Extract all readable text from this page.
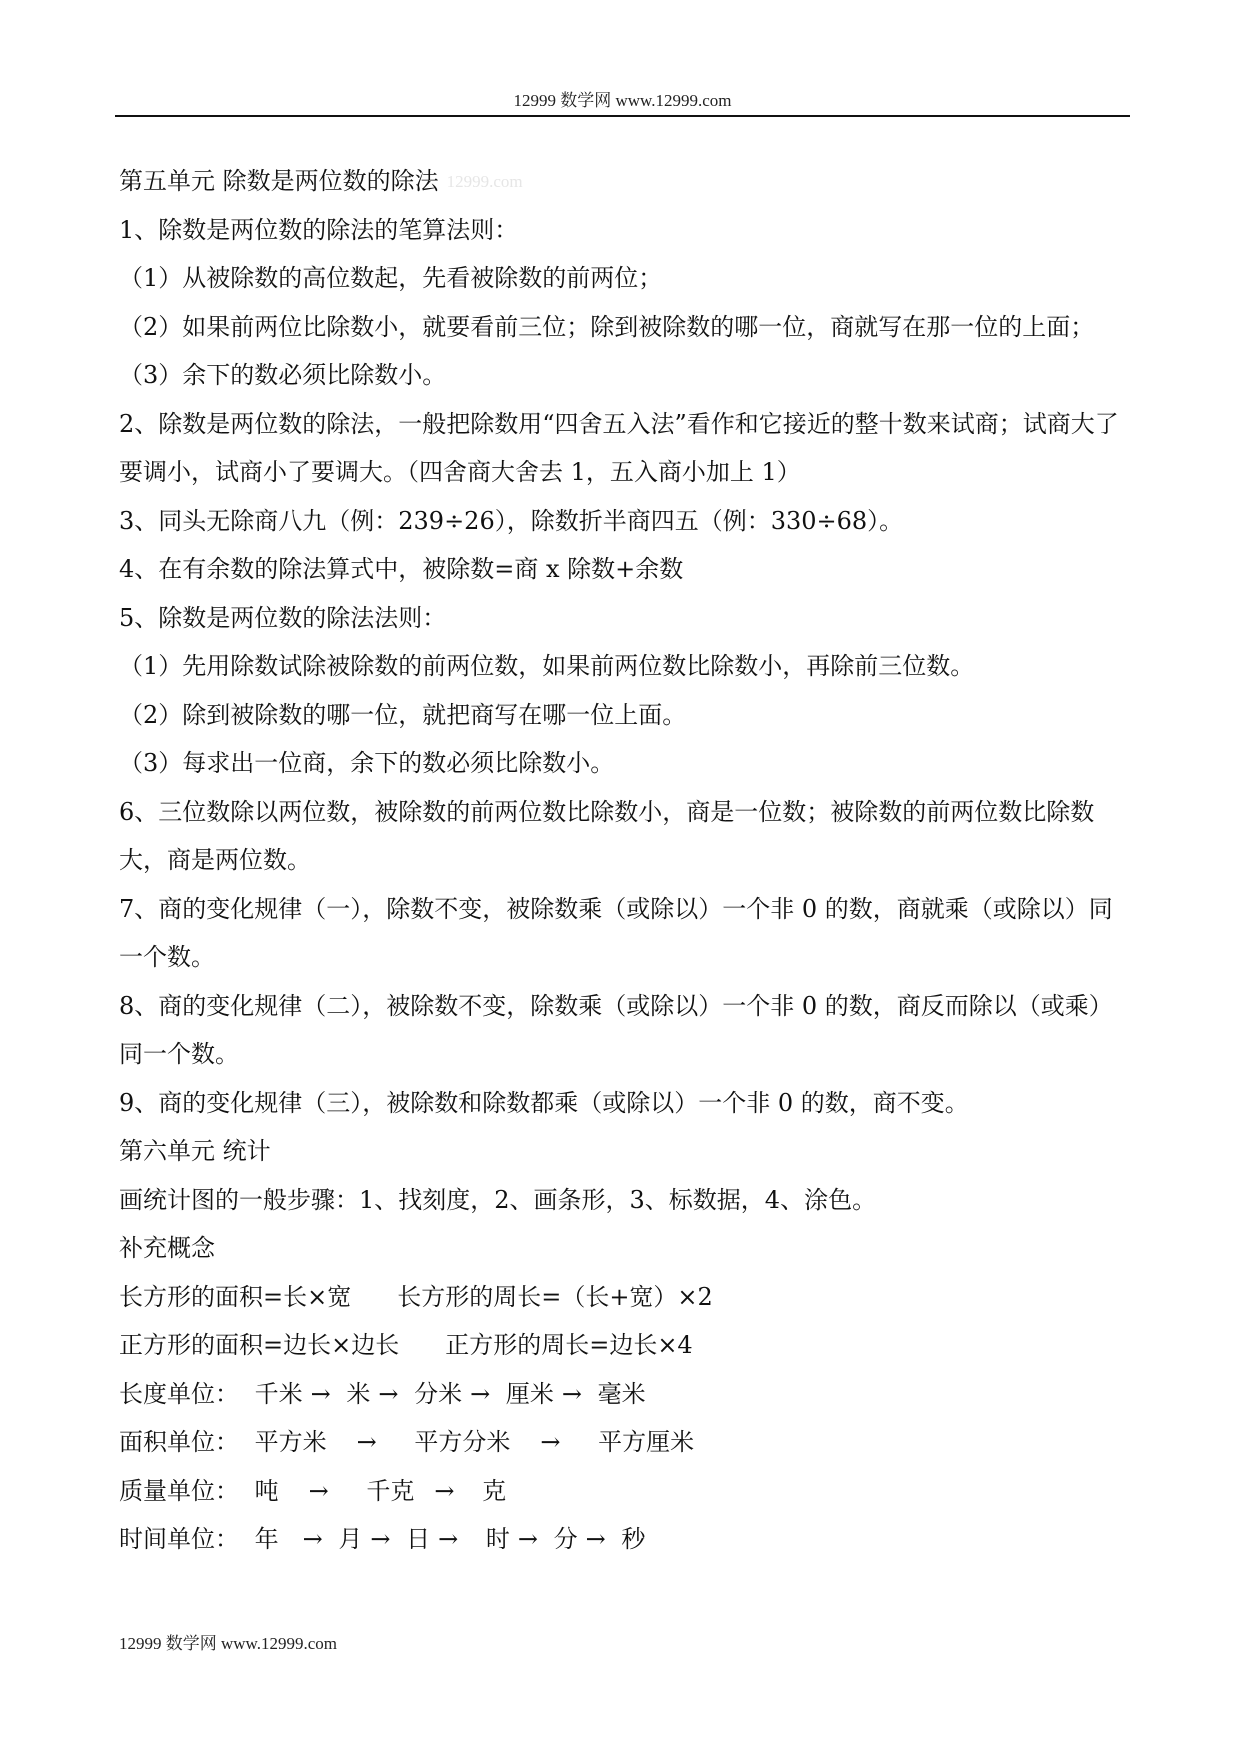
12999 数学网 www.12999.com
第五单元 除数是两位数的除法 12999.com
1、除数是两位数的除法的笔算法则：
（1）从被除数的高位数起，先看被除数的前两位；
（2）如果前两位比除数小，就要看前三位；除到被除数的哪一位，商就写在那一位的上面；
（3）余下的数必须比除数小。
2、除数是两位数的除法，一般把除数用“四舍五入法”看作和它接近的整十数来试商；试商大了要调小，试商小了要调大。（四舍商大舍去 1，五入商小加上 1）
3、同头无除商八九（例：239÷26），除数折半商四五（例：330÷68）。
4、在有余数的除法算式中，被除数=商 x 除数+余数
5、除数是两位数的除法法则：
（1）先用除数试除被除数的前两位数，如果前两位数比除数小，再除前三位数。
（2）除到被除数的哪一位，就把商写在哪一位上面。
（3）每求出一位商，余下的数必须比除数小。
6、三位数除以两位数，被除数的前两位数比除数小，商是一位数；被除数的前两位数比除数大，商是两位数。
7、商的变化规律（一），除数不变，被除数乘（或除以）一个非 0 的数，商就乘（或除以）同一个数。
8、商的变化规律（二），被除数不变，除数乘（或除以）一个非 0 的数，商反而除以（或乘）同一个数。
9、商的变化规律（三），被除数和除数都乘（或除以）一个非 0 的数，商不变。
第六单元 统计
画统计图的一般步骤：1、找刻度，2、画条形，3、标数据，4、涂色。
补充概念
长方形的面积=长×宽 长方形的周长=（长+宽）×2
正方形的面积=边长×边长 正方形的周长=边长×4
长度单位： 千米 → 米 → 分米 → 厘米 → 毫米
面积单位： 平方米 → 平方分米 → 平方厘米
质量单位： 吨 → 千克 → 克
时间单位： 年 → 月 → 日 → 时 → 分 → 秒
12999 数学网 www.12999.com
